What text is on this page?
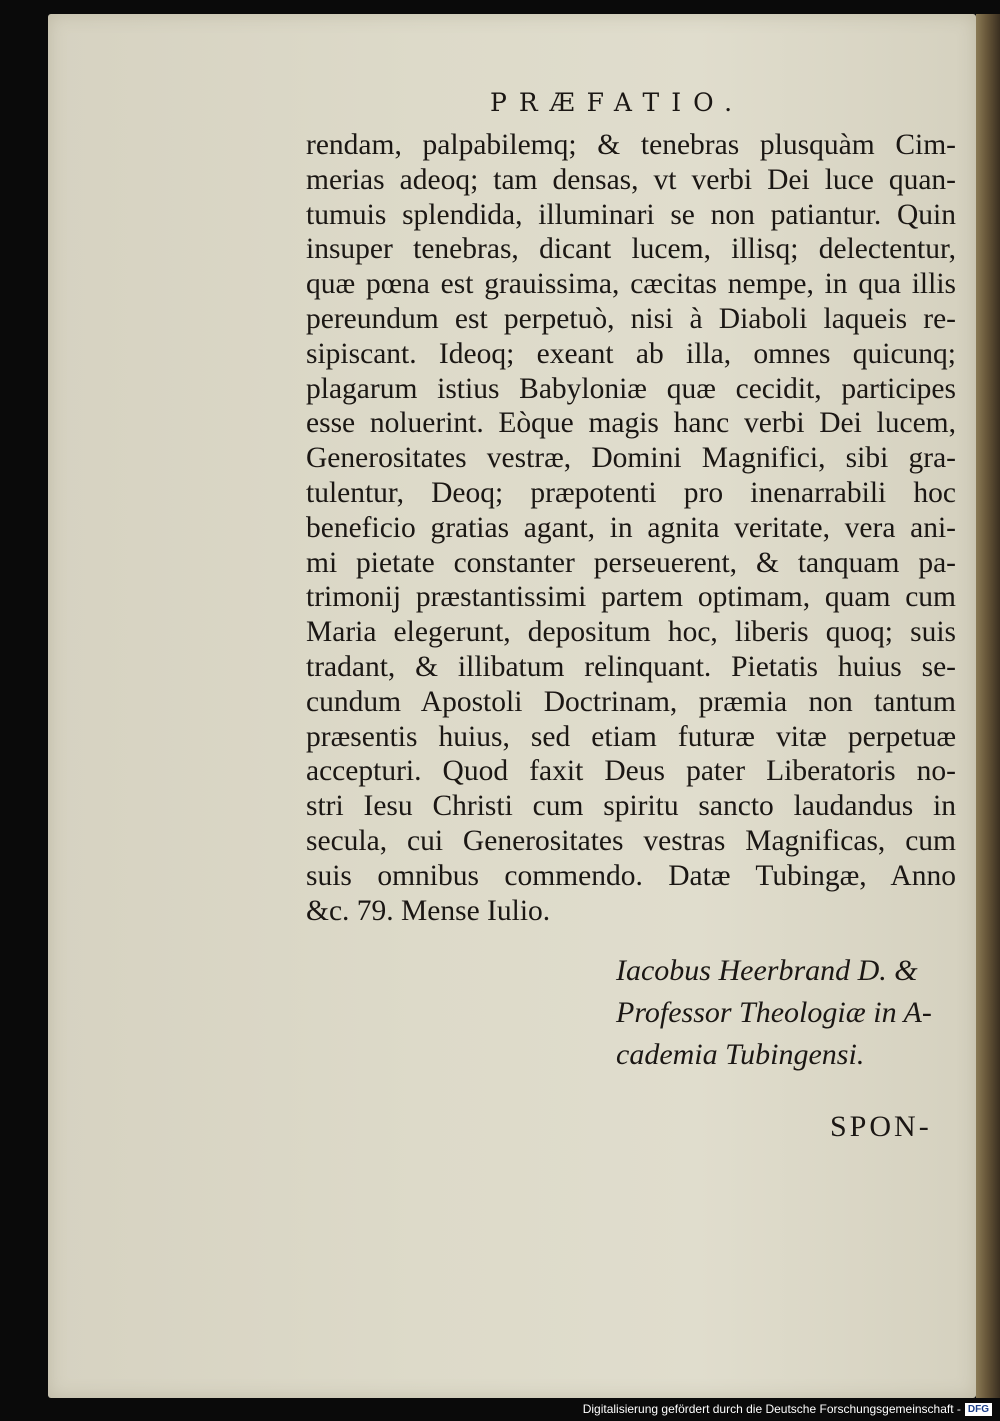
PRÆFATIO.
rendam, palpabilemq; & tenebras plusquàm Cim-
merias adeoq; tam densas, vt verbi Dei luce quan-
tumuis splendida, illuminari se non patiantur. Quin
insuper tenebras, dicant lucem, illisq; delectentur,
quæ pœna est grauissima, cæcitas nempe, in qua illis
pereundum est perpetuò, nisi à Diaboli laqueis re-
sipiscant. Ideoq; exeant ab illa, omnes quicunq;
plagarum istius Babyloniæ quæ cecidit, participes
esse noluerint. Eòque magis hanc verbi Dei lucem,
Generositates vestræ, Domini Magnifici, sibi gra-
tulentur, Deoq; præpotenti pro inenarrabili hoc
beneficio gratias agant, in agnita veritate, vera ani-
mi pietate constanter perseuerent, & tanquam pa-
trimonij præstantissimi partem optimam, quam cum
Maria elegerunt, depositum hoc, liberis quoq; suis
tradant, & illibatum relinquant. Pietatis huius se-
cundum Apostoli Doctrinam, præmia non tantum
præsentis huius, sed etiam futuræ vitæ perpetuæ
accepturi. Quod faxit Deus pater Liberatoris no-
stri Iesu Christi cum spiritu sancto laudandus in
secula, cui Generositates vestras Magnificas, cum
suis omnibus commendo. Datæ Tubingæ, Anno
&c. 79. Mense Iulio.
Iacobus Heerbrand D. &
Professor Theologiæ in A-
cademia Tubingensi.
SPON-
Digitalisierung gefördert durch die Deutsche Forschungsgemeinschaft - DFG
